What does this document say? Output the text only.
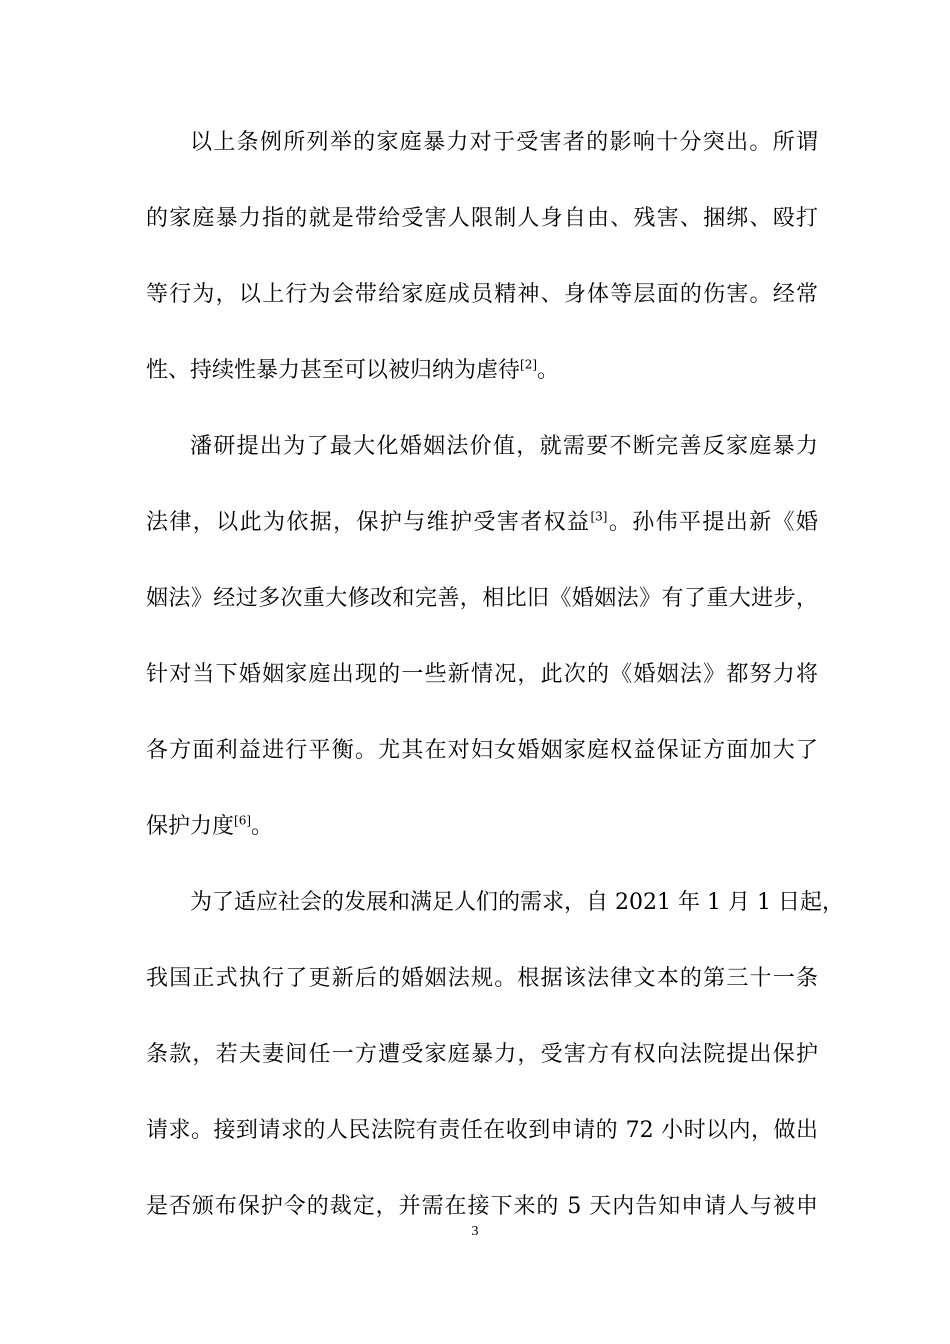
以上条例所列举的家庭暴力对于受害者的影响十分突出。所谓
的家庭暴力指的就是带给受害人限制人身自由、残害、捆绑、殴打
等行为，以上行为会带给家庭成员精神、身体等层面的伤害。经常
性、持续性暴力甚至可以被归纳为虐待[2]。
潘研提出为了最大化婚姻法价值，就需要不断完善反家庭暴力
法律，以此为依据，保护与维护受害者权益[3]。孙伟平提出新《婚
姻法》经过多次重大修改和完善，相比旧《婚姻法》有了重大进步，
针对当下婚姻家庭出现的一些新情况，此次的《婚姻法》都努力将
各方面利益进行平衡。尤其在对妇女婚姻家庭权益保证方面加大了
保护力度[6]。
为了适应社会的发展和满足人们的需求，自 2021 年 1 月 1 日起，
我国正式执行了更新后的婚姻法规。根据该法律文本的第三十一条
条款，若夫妻间任一方遭受家庭暴力，受害方有权向法院提出保护
请求。接到请求的人民法院有责任在收到申请的 72 小时以内，做出
是否颁布保护令的裁定，并需在接下来的 5 天内告知申请人与被申
3
